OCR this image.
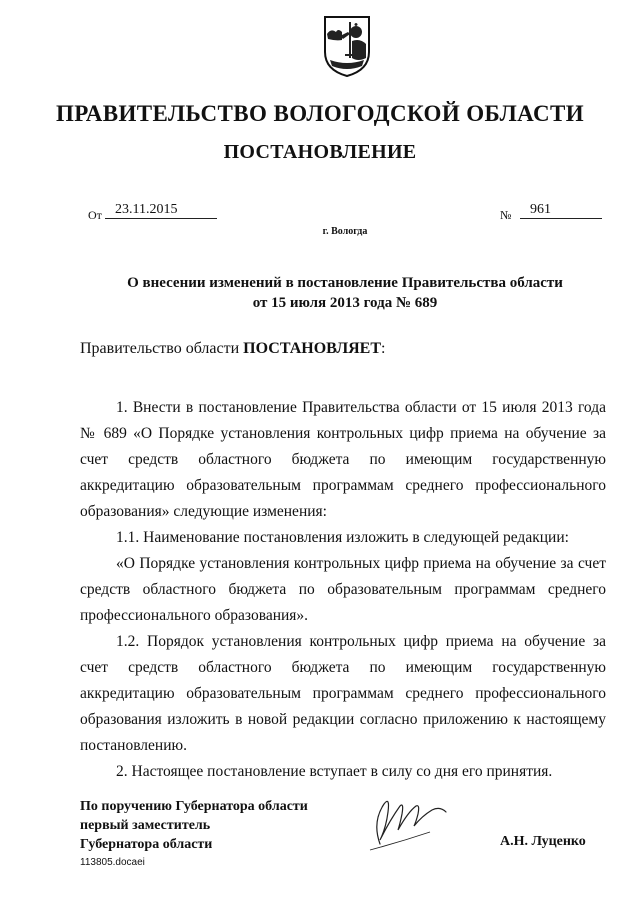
ПРАВИТЕЛЬСТВО ВОЛОГОДСКОЙ ОБЛАСТИ
ПОСТАНОВЛЕНИЕ
От 23.11.2015	№	961
г. Вологда
О внесении изменений в постановление Правительства области
от 15 июля 2013 года № 689
Правительство области ПОСТАНОВЛЯЕТ:

1. Внести в постановление Правительства области от 15 июля 2013 года № 689 «О Порядке установления контрольных цифр приема на обучение за счет средств областного бюджета по имеющим государственную аккредитацию образовательным программам среднего профессионального образования» следующие изменения:

1.1. Наименование постановления изложить в следующей редакции:

«О Порядке установления контрольных цифр приема на обучение за счет средств областного бюджета по образовательным программам среднего профессионального образования».

1.2. Порядок установления контрольных цифр приема на обучение за счет средств областного бюджета по имеющим государственную аккредитацию образовательным программам среднего профессионального образования изложить в новой редакции согласно приложению к настоящему постановлению.

2. Настоящее постановление вступает в силу со дня его принятия.

По поручению Губернатора области
первый заместитель
Губернатора области	А.Н. Луценко
113805.docaei
